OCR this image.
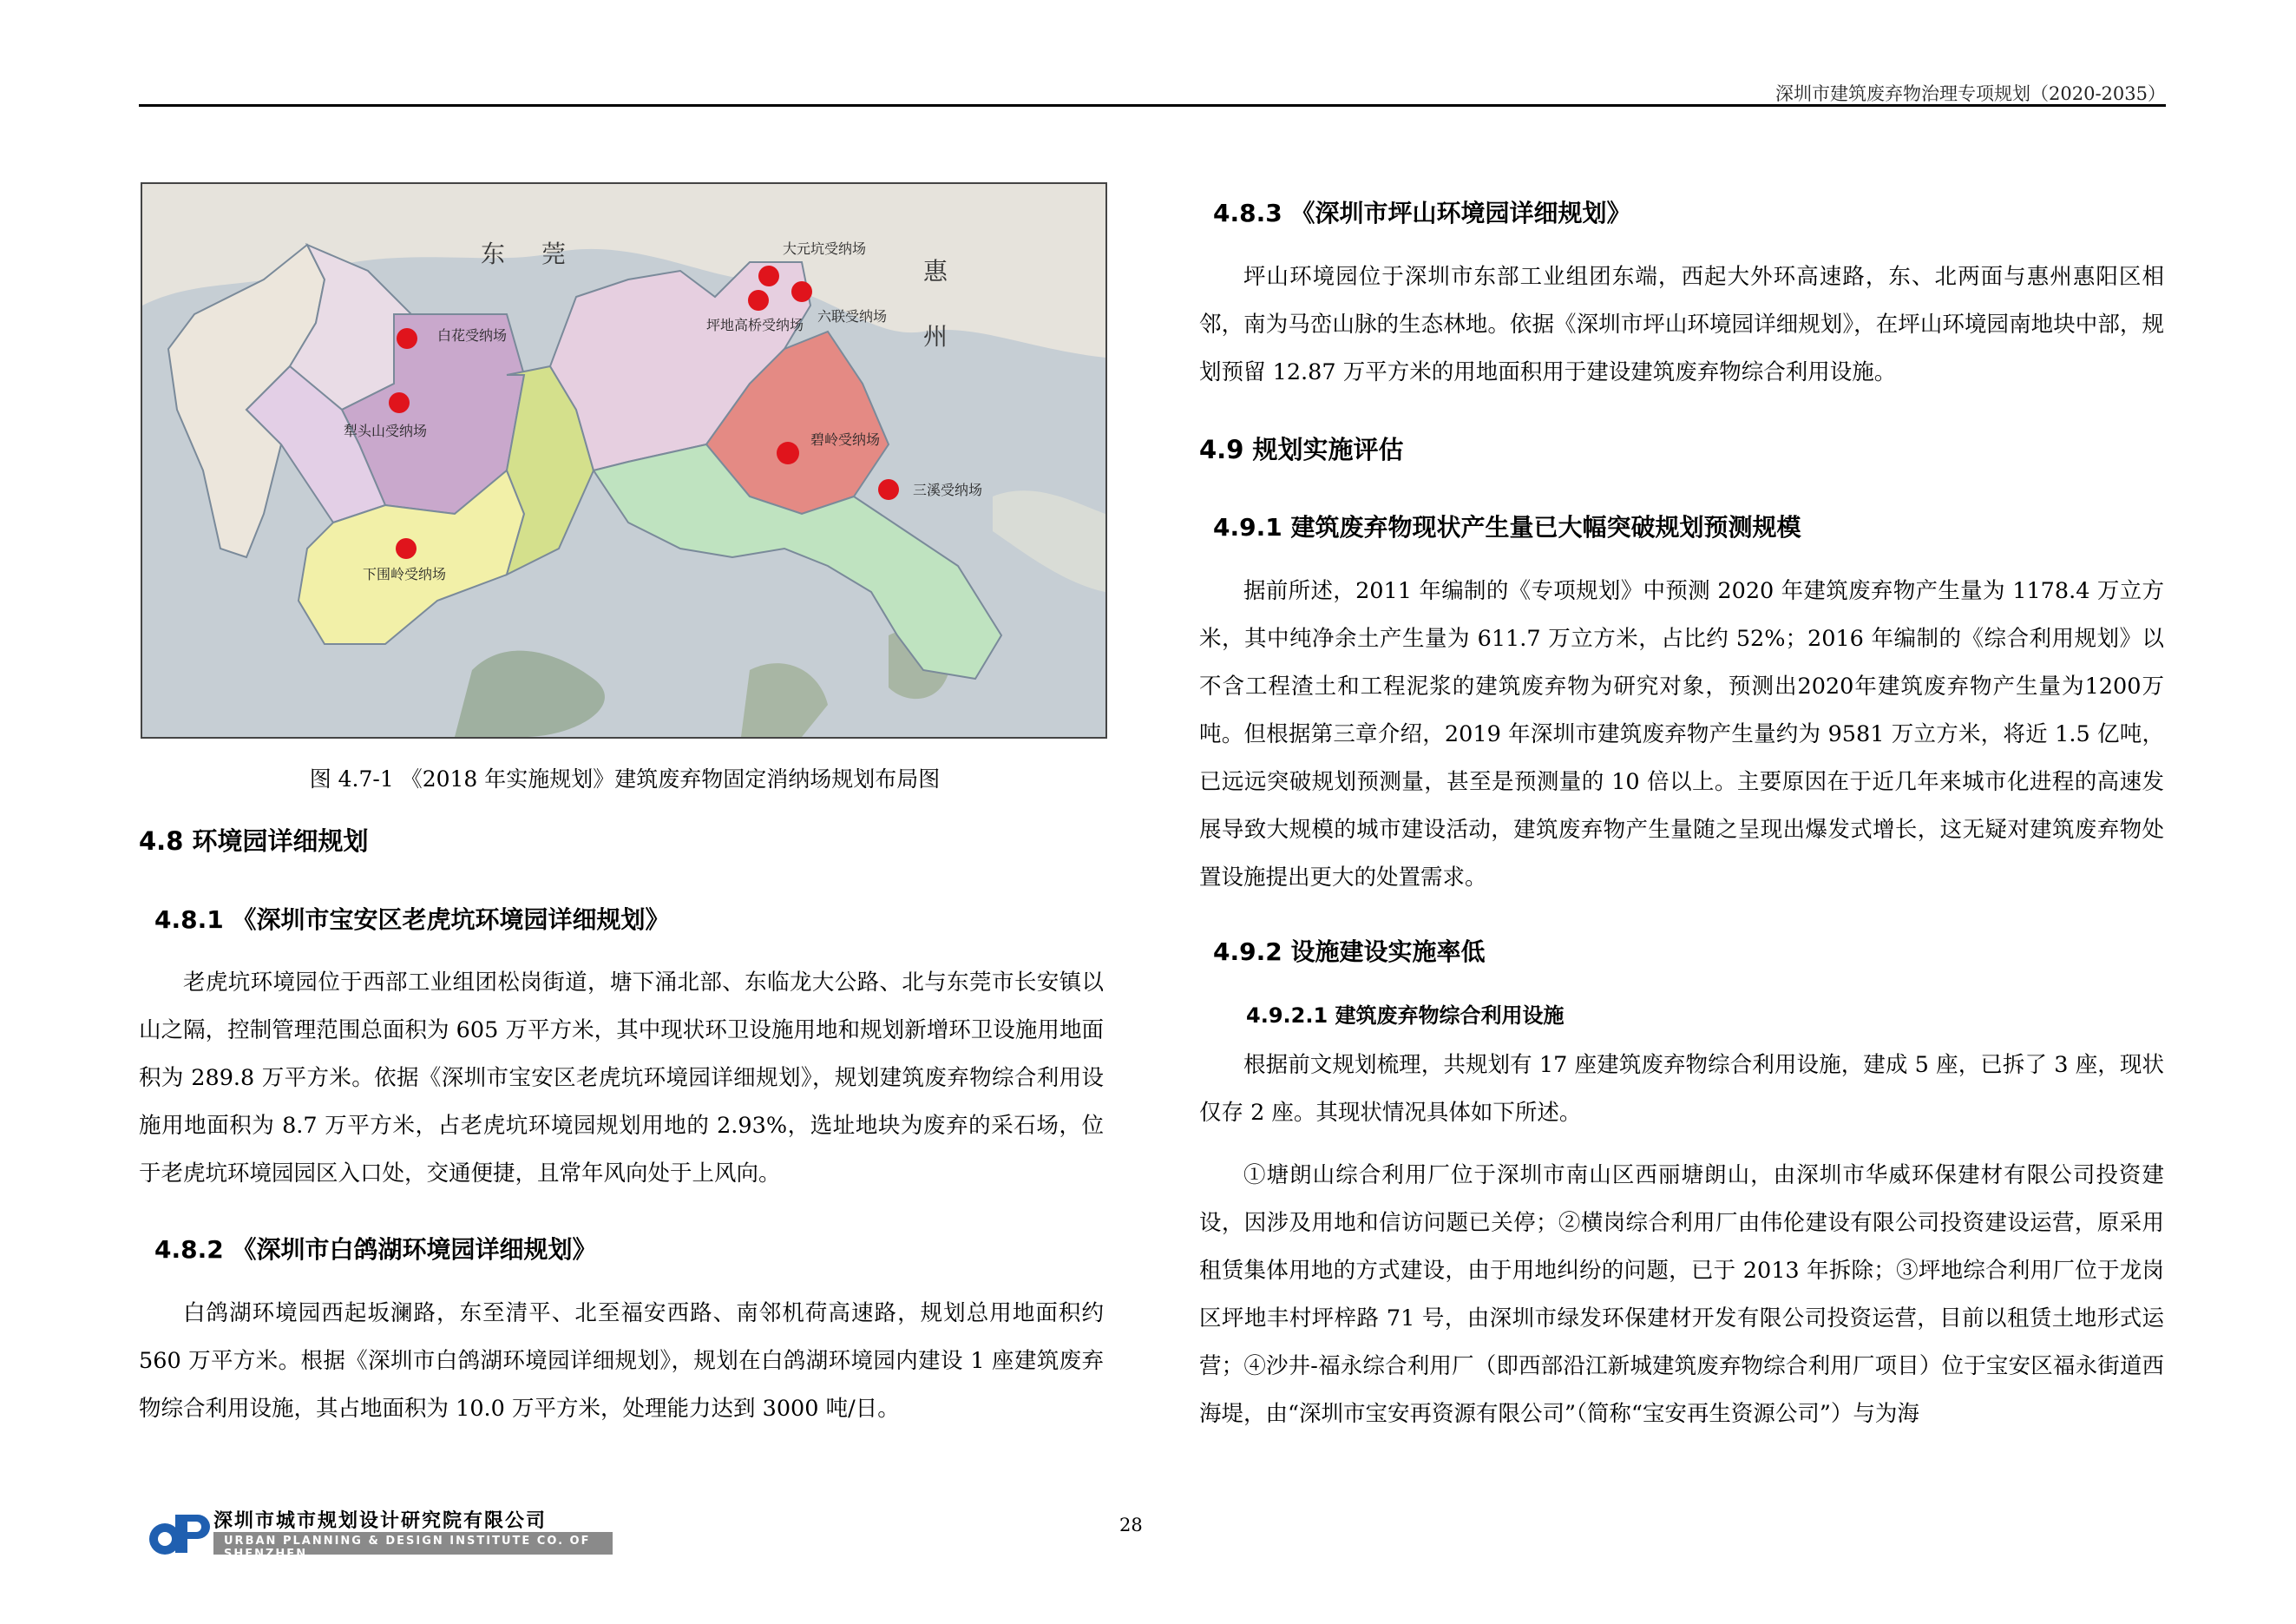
深圳市建筑废弃物治理专项规划（2020-2035）
东 莞
惠
州
白花受纳场
犁头山受纳场
下围岭受纳场
大元坑受纳场
坪地高桥受纳场
六联受纳场
碧岭受纳场
三溪受纳场
图 4.7-1 《2018 年实施规划》建筑废弃物固定消纳场规划布局图
4.8 环境园详细规划
4.8.1 《深圳市宝安区老虎坑环境园详细规划》

老虎坑环境园位于西部工业组团松岗街道，塘下涌北部、东临龙大公路、北与东莞市长安镇以山之隔，控制管理范围总面积为 605 万平方米，其中现状环卫设施用地和规划新增环卫设施用地面积为 289.8 万平方米。依据《深圳市宝安区老虎坑环境园详细规划》，规划建筑废弃物综合利用设施用地面积为 8.7 万平方米，占老虎坑环境园规划用地的 2.93%，选址地块为废弃的采石场，位于老虎坑环境园园区入口处，交通便捷，且常年风向处于上风向。

4.8.2 《深圳市白鸽湖环境园详细规划》

白鸽湖环境园西起坂澜路，东至清平、北至福安西路、南邻机荷高速路，规划总用地面积约 560 万平方米。根据《深圳市白鸽湖环境园详细规划》，规划在白鸽湖环境园内建设 1 座建筑废弃物综合利用设施，其占地面积为 10.0 万平方米，处理能力达到 3000 吨/日。

4.8.3 《深圳市坪山环境园详细规划》

坪山环境园位于深圳市东部工业组团东端，西起大外环高速路，东、北两面与惠州惠阳区相邻，南为马峦山脉的生态林地。依据《深圳市坪山环境园详细规划》，在坪山环境园南地块中部，规划预留 12.87 万平方米的用地面积用于建设建筑废弃物综合利用设施。

4.9 规划实施评估
4.9.1 建筑废弃物现状产生量已大幅突破规划预测规模

据前所述，2011 年编制的《专项规划》中预测 2020 年建筑废弃物产生量为 1178.4 万立方米，其中纯净余土产生量为 611.7 万立方米，占比约 52%；2016 年编制的《综合利用规划》以不含工程渣土和工程泥浆的建筑废弃物为研究对象，预测出2020年建筑废弃物产生量为1200万吨。但根据第三章介绍，2019 年深圳市建筑废弃物产生量约为 9581 万立方米，将近 1.5 亿吨，已远远突破规划预测量，甚至是预测量的 10 倍以上。主要原因在于近几年来城市化进程的高速发展导致大规模的城市建设活动，建筑废弃物产生量随之呈现出爆发式增长，这无疑对建筑废弃物处置设施提出更大的处置需求。

4.9.2 设施建设实施率低
4.9.2.1 建筑废弃物综合利用设施

根据前文规划梳理，共规划有 17 座建筑废弃物综合利用设施，建成 5 座，已拆了 3 座，现状仅存 2 座。其现状情况具体如下所述。

①塘朗山综合利用厂位于深圳市南山区西丽塘朗山，由深圳市华威环保建材有限公司投资建设，因涉及用地和信访问题已关停；②横岗综合利用厂由伟伦建设有限公司投资建设运营，原采用租赁集体用地的方式建设，由于用地纠纷的问题，已于 2013 年拆除；③坪地综合利用厂位于龙岗区坪地丰村坪梓路 71 号，由深圳市绿发环保建材开发有限公司投资运营，目前以租赁土地形式运营；④沙井-福永综合利用厂（即西部沿江新城建筑废弃物综合利用厂项目）位于宝安区福永街道西海堤，由“深圳市宝安再资源有限公司”（简称“宝安再生资源公司”）与为海

深圳市城市规划设计研究院有限公司
URBAN PLANNING & DESIGN INSTITUTE CO. OF SHENZHEN
28
